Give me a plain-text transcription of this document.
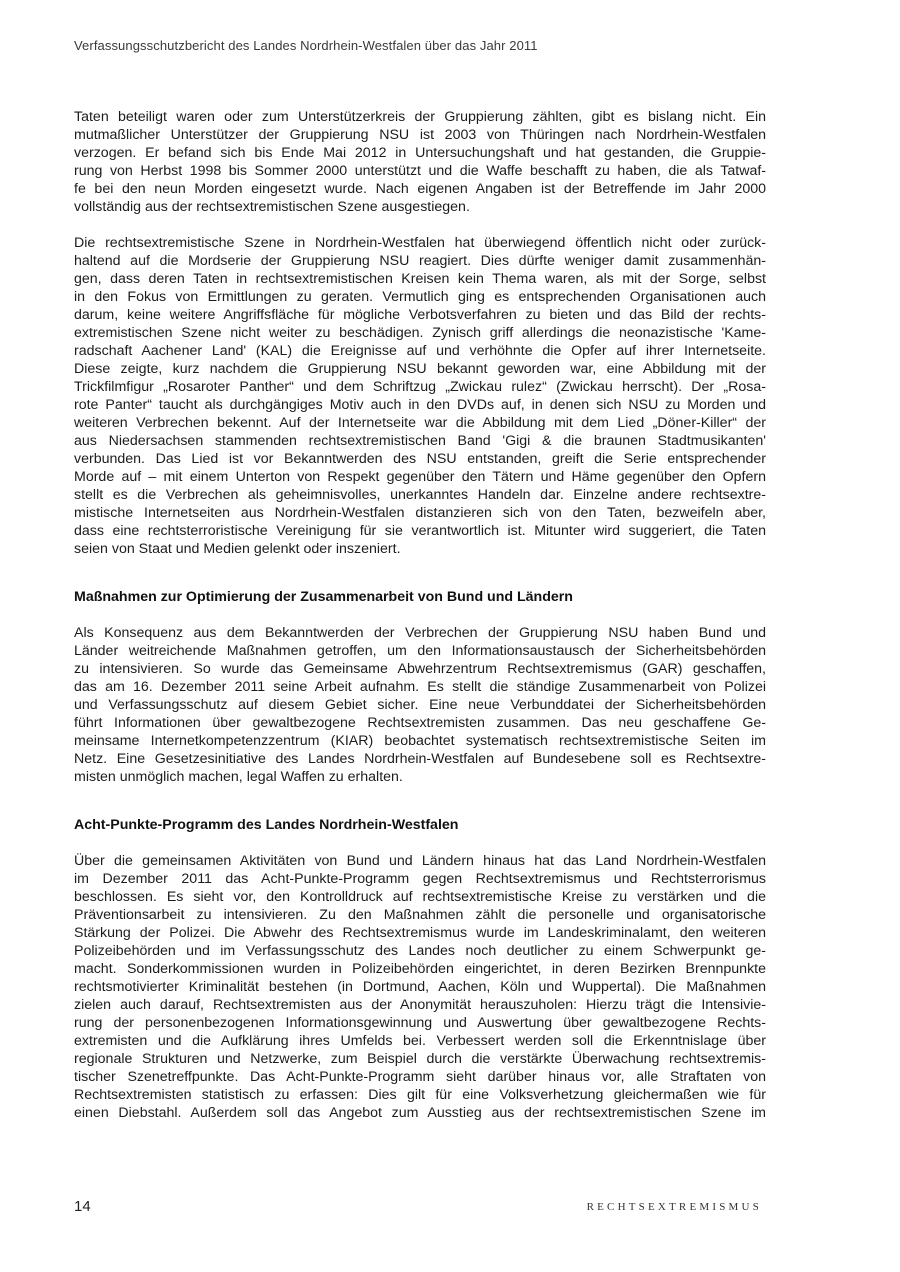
Verfassungsschutzbericht des Landes Nordrhein-Westfalen über das Jahr 2011

Taten beteiligt waren oder zum Unterstützerkreis der Gruppierung zählten, gibt es bislang nicht. Ein
mutmaßlicher Unterstützer der Gruppierung NSU ist 2003 von Thüringen nach Nordrhein-Westfalen
verzogen. Er befand sich bis Ende Mai 2012 in Untersuchungshaft und hat gestanden, die Gruppie-
rung von Herbst 1998 bis Sommer 2000 unterstützt und die Waffe beschafft zu haben, die als Tatwaf-
fe bei den neun Morden eingesetzt wurde. Nach eigenen Angaben ist der Betreffende im Jahr 2000
vollständig aus der rechtsextremistischen Szene ausgestiegen.

Die rechtsextremistische Szene in Nordrhein-Westfalen hat überwiegend öffentlich nicht oder zurück-
haltend auf die Mordserie der Gruppierung NSU reagiert. Dies dürfte weniger damit zusammenhän-
gen, dass deren Taten in rechtsextremistischen Kreisen kein Thema waren, als mit der Sorge, selbst
in den Fokus von Ermittlungen zu geraten. Vermutlich ging es entsprechenden Organisationen auch
darum, keine weitere Angriffsfläche für mögliche Verbotsverfahren zu bieten und das Bild der rechts-
extremistischen Szene nicht weiter zu beschädigen. Zynisch griff allerdings die neonazistische 'Kame-
radschaft Aachener Land' (KAL) die Ereignisse auf und verhöhnte die Opfer auf ihrer Internetseite.
Diese zeigte, kurz nachdem die Gruppierung NSU bekannt geworden war, eine Abbildung mit der
Trickfilmfigur „Rosaroter Panther“ und dem Schriftzug „Zwickau rulez“ (Zwickau herrscht). Der „Rosa-
rote Panter“ taucht als durchgängiges Motiv auch in den DVDs auf, in denen sich NSU zu Morden und
weiteren Verbrechen bekennt. Auf der Internetseite war die Abbildung mit dem Lied „Döner-Killer“ der
aus Niedersachsen stammenden rechtsextremistischen Band 'Gigi & die braunen Stadtmusikanten'
verbunden. Das Lied ist vor Bekanntwerden des NSU entstanden, greift die Serie entsprechender
Morde auf – mit einem Unterton von Respekt gegenüber den Tätern und Häme gegenüber den Opfern
stellt es die Verbrechen als geheimnisvolles, unerkanntes Handeln dar. Einzelne andere rechtsextre-
mistische Internetseiten aus Nordrhein-Westfalen distanzieren sich von den Taten, bezweifeln aber,
dass eine rechtsterroristische Vereinigung für sie verantwortlich ist. Mitunter wird suggeriert, die Taten
seien von Staat und Medien gelenkt oder inszeniert.

Maßnahmen zur Optimierung der Zusammenarbeit von Bund und Ländern

Als Konsequenz aus dem Bekanntwerden der Verbrechen der Gruppierung NSU haben Bund und
Länder weitreichende Maßnahmen getroffen, um den Informationsaustausch der Sicherheitsbehörden
zu intensivieren. So wurde das Gemeinsame Abwehrzentrum Rechtsextremismus (GAR) geschaffen,
das am 16. Dezember 2011 seine Arbeit aufnahm. Es stellt die ständige Zusammenarbeit von Polizei
und Verfassungsschutz auf diesem Gebiet sicher. Eine neue Verbunddatei der Sicherheitsbehörden
führt Informationen über gewaltbezogene Rechtsextremisten zusammen. Das neu geschaffene Ge-
meinsame Internetkompetenzzentrum (KIAR) beobachtet systematisch rechtsextremistische Seiten im
Netz. Eine Gesetzesinitiative des Landes Nordrhein-Westfalen auf Bundesebene soll es Rechtsextre-
misten unmöglich machen, legal Waffen zu erhalten.

Acht-Punkte-Programm des Landes Nordrhein-Westfalen

Über die gemeinsamen Aktivitäten von Bund und Ländern hinaus hat das Land Nordrhein-Westfalen
im Dezember 2011 das Acht-Punkte-Programm gegen Rechtsextremismus und Rechtsterrorismus
beschlossen. Es sieht vor, den Kontrolldruck auf rechtsextremistische Kreise zu verstärken und die
Präventionsarbeit zu intensivieren. Zu den Maßnahmen zählt die personelle und organisatorische
Stärkung der Polizei. Die Abwehr des Rechtsextremismus wurde im Landeskriminalamt, den weiteren
Polizeibehörden und im Verfassungsschutz des Landes noch deutlicher zu einem Schwerpunkt ge-
macht. Sonderkommissionen wurden in Polizeibehörden eingerichtet, in deren Bezirken Brennpunkte
rechtsmotivierter Kriminalität bestehen (in Dortmund, Aachen, Köln und Wuppertal). Die Maßnahmen
zielen auch darauf, Rechtsextremisten aus der Anonymität herauszuholen: Hierzu trägt die Intensivie-
rung der personenbezogenen Informationsgewinnung und Auswertung über gewaltbezogene Rechts-
extremisten und die Aufklärung ihres Umfelds bei. Verbessert werden soll die Erkenntnislage über
regionale Strukturen und Netzwerke, zum Beispiel durch die verstärkte Überwachung rechtsextremis-
tischer Szenetreffpunkte. Das Acht-Punkte-Programm sieht darüber hinaus vor, alle Straftaten von
Rechtsextremisten statistisch zu erfassen: Dies gilt für eine Volksverhetzung gleichermaßen wie für
einen Diebstahl. Außerdem soll das Angebot zum Ausstieg aus der rechtsextremistischen Szene im

14	RECHTSEXTREMISMUS
